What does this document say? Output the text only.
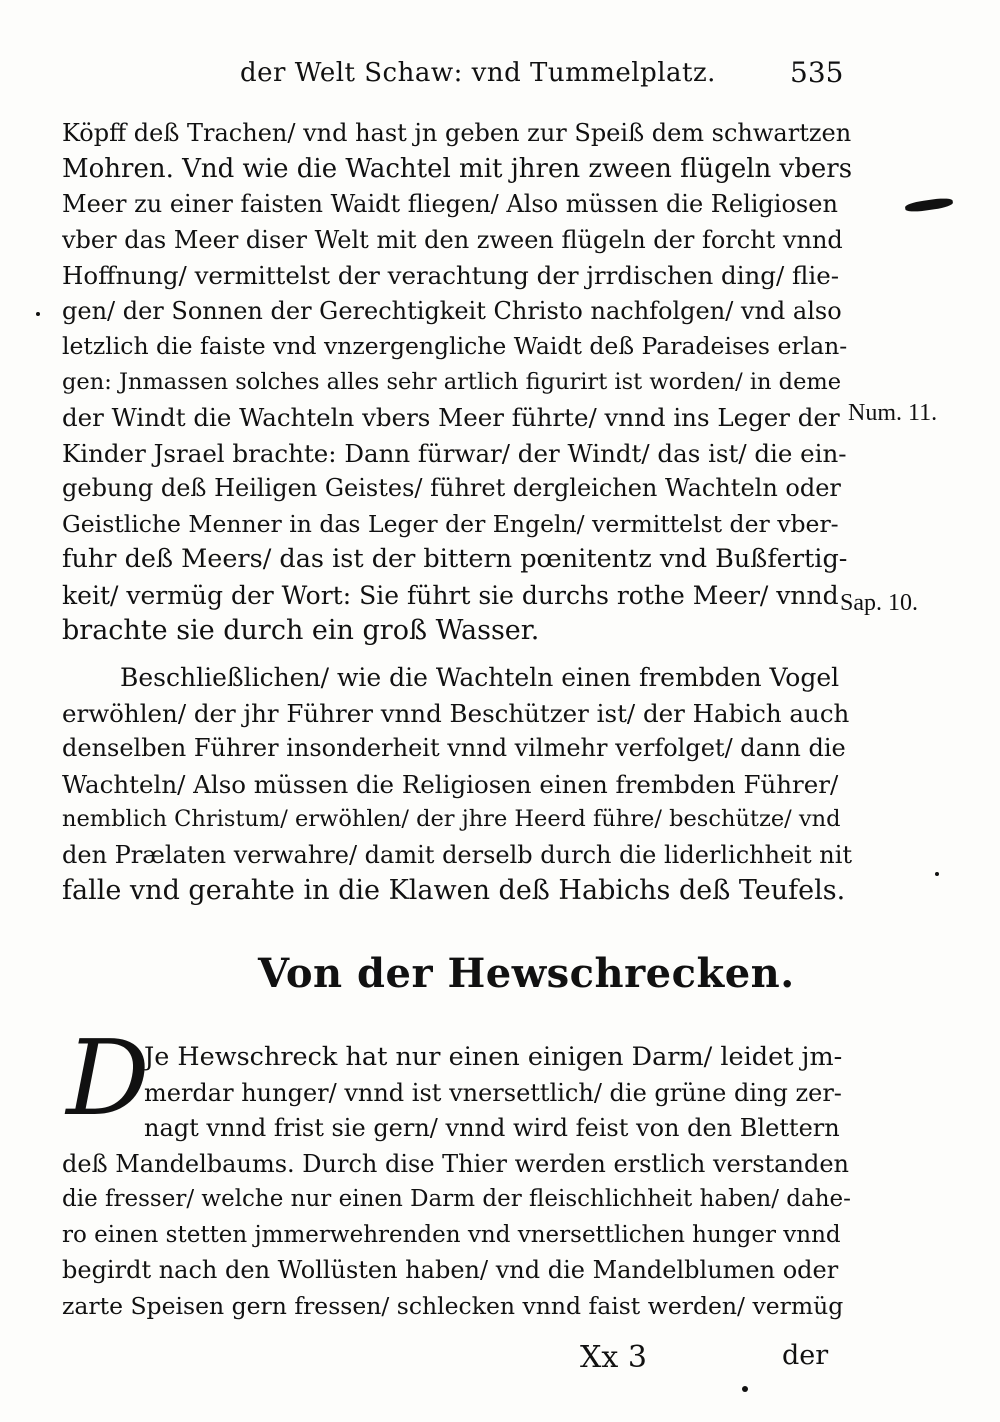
der Welt Schaw: vnd Tummelplatz.	535
Köpff deß Trachen/ vnd hast jn geben zur Speiß dem schwartzen
Mohren. Vnd wie die Wachtel mit jhren zween flügeln vbers
Meer zu einer faisten Waidt fliegen/ Also müssen die Religiosen
vber das Meer diser Welt mit den zween flügeln der forcht vnnd
Hoffnung/ vermittelst der verachtung der jrrdischen ding/ flie-
gen/ der Sonnen der Gerechtigkeit Christo nachfolgen/ vnd also
letzlich die faiste vnd vnzergengliche Waidt deß Paradeises erlan-
gen: Jnmassen solches alles sehr artlich figurirt ist worden/ in deme
der Windt die Wachteln vbers Meer führte/ vnnd ins Leger der
Kinder Jsrael brachte: Dann fürwar/ der Windt/ das ist/ die ein-
gebung deß Heiligen Geistes/ führet dergleichen Wachteln oder
Geistliche Menner in das Leger der Engeln/ vermittelst der vber-
fuhr deß Meers/ das ist der bittern pœnitentz vnd Bußfertig-
keit/ vermüg der Wort: Sie führt sie durchs rothe Meer/ vnnd
brachte sie durch ein groß Wasser.
Beschließlichen/ wie die Wachteln einen frembden Vogel
erwöhlen/ der jhr Führer vnnd Beschützer ist/ der Habich auch
denselben Führer insonderheit vnnd vilmehr verfolget/ dann die
Wachteln/ Also müssen die Religiosen einen frembden Führer/
nemblich Christum/ erwöhlen/ der jhre Heerd führe/ beschütze/ vnd
den Prælaten verwahre/ damit derselb durch die liderlichheit nit
falle vnd gerahte in die Klawen deß Habichs deß Teufels.
Von der Hewschrecken.
D
Je Hewschreck hat nur einen einigen Darm/ leidet jm-
merdar hunger/ vnnd ist vnersettlich/ die grüne ding zer-
nagt vnnd frist sie gern/ vnnd wird feist von den Blettern
deß Mandelbaums. Durch dise Thier werden erstlich verstanden
die fresser/ welche nur einen Darm der fleischlichheit haben/ dahe-
ro einen stetten jmmerwehrenden vnd vnersettlichen hunger vnnd
begirdt nach den Wollüsten haben/ vnd die Mandelblumen oder
zarte Speisen gern fressen/ schlecken vnnd faist werden/ vermüg
Num. 11.
Sap. 10.
Xx 3	der
